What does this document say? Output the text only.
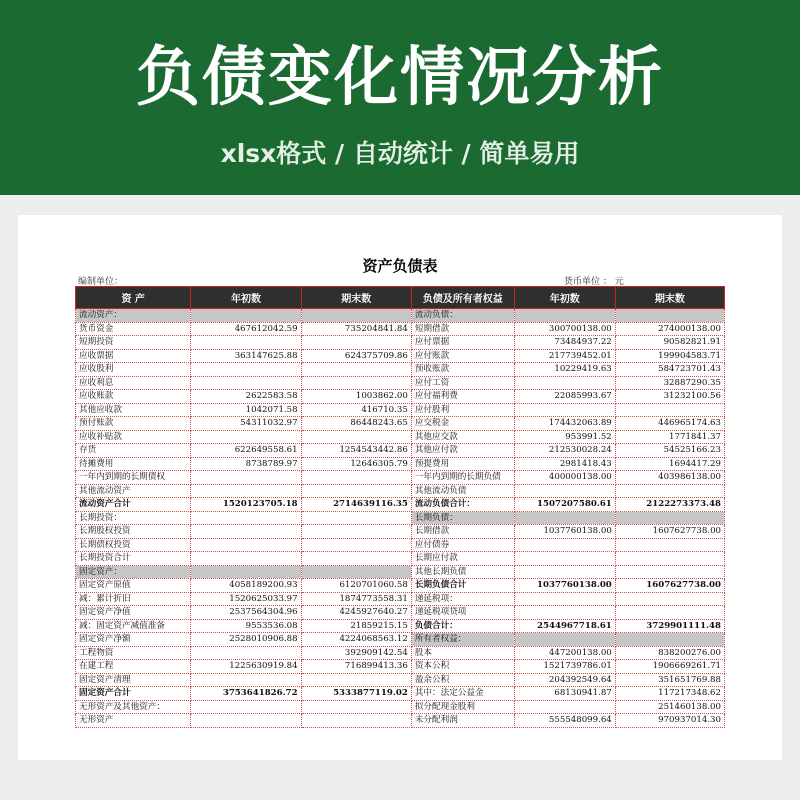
负债变化情况分析
xlsx格式 / 自动统计 / 简单易用
资产负债表
编制单位：	货币单位 ： 元
资 产	年初数	期末数	负债及所有者权益	年初数	期末数
流动资产：			流动负债：		
货币资金	467612042.59	735204841.84	短期借款	300700138.00	274000138.00
短期投资			应付票据	73484937.22	90582821.91
应收票据	363147625.88	624375709.86	应付账款	217739452.01	199904583.71
应收股利			预收账款	10229419.63	584723701.43
应收利息			应付工资		32887290.35
应收账款	2622583.58	1003862.00	应付福利费	22085993.67	31232100.56
其他应收款	1042071.58	416710.35	应付股利		
预付账款	54311032.97	86448243.65	应交税金	174432063.89	446965174.63
应收补贴款			其他应交款	953991.52	1771841.37
存货	622649558.61	1254543442.86	其他应付款	212530028.24	54525166.23
待摊费用	8738789.97	12646305.79	预提费用	2981418.43	1694417.29
一年内到期的长期债权			一年内到期的长期负债	400000138.00	403986138.00
其他流动资产			其他流动负债		
流动资产合计	1520123705.18	2714639116.35	流动负债合计：	1507207580.61	2122273373.48
长期投资：			长期负债：		
长期股权投资			长期借款	1037760138.00	1607627738.00
长期债权投资			应付债券		
长期投资合计			长期应付款		
固定资产：			其他长期负债		
固定资产原值	4058189200.93	6120701060.58	长期负债合计	1037760138.00	1607627738.00
减：累计折旧	1520625033.97	1874773558.31	递延税项：		
固定资产净值	2537564304.96	4245927640.27	递延税项贷项		
减：固定资产减值准备	9553536.08	21859215.15	负债合计：	2544967718.61	3729901111.48
固定资产净额	2528010906.88	4224068563.12	所有者权益：		
工程物资		392909142.54	股本	447200138.00	838200276.00
在建工程	1225630919.84	716899413.36	资本公积	1521739786.01	1906669261.71
固定资产清理			盈余公积	204392549.64	351651769.88
固定资产合计	3753641826.72	5333877119.02	其中：法定公益金	68130941.87	117217348.62
无形资产及其他资产：			拟分配现金股利		251460138.00
无形资产			未分配利润	555548099.64	970937014.30
